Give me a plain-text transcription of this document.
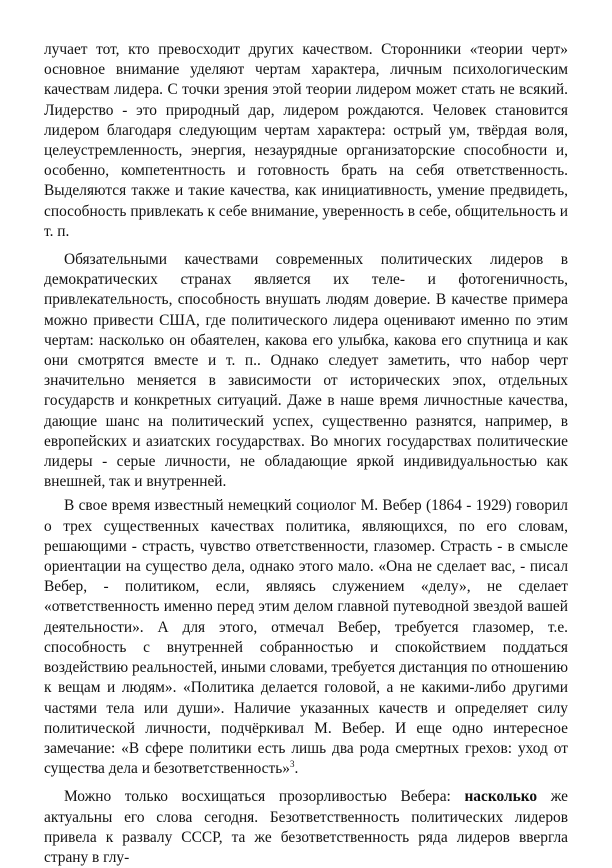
лучает тот, кто превосходит других качеством. Сторонники «теории черт» основное внимание уделяют чертам характера, личным психологическим качествам лидера. С точки зрения этой теории лидером может стать не всякий. Лидерство - это природный дар, лидером рождаются. Человек становится лидером благодаря следующим чертам характера: острый ум, твёрдая воля, целеустремленность, энергия, незаурядные организаторские способности и, особенно, компетентность и готовность брать на себя ответственность. Выделяются также и такие качества, как инициативность, умение предвидеть, способность привлекать к себе внимание, уверенность в себе, общительность и т. п.

Обязательными качествами современных политических лидеров в демократических странах является их теле- и фотогеничность, привлекательность, способность внушать людям доверие. В качестве примера можно привести США, где политического лидера оценивают именно по этим чертам: насколько он обаятелен, какова его улыбка, какова его спутница и как они смотрятся вместе и т. п.. Однако следует заметить, что набор черт значительно меняется в зависимости от исторических эпох, отдельных государств и конкретных ситуаций. Даже в наше время личностные качества, дающие шанс на политический успех, существенно разнятся, например, в европейских и азиатских государствах. Во многих государствах политические лидеры - серые личности, не обладающие яркой индивидуальностью как внешней, так и внутренней.

В свое время известный немецкий социолог М. Вебер (1864 - 1929) говорил о трех существенных качествах политика, являющихся, по его словам, решающими - страсть, чувство ответственности, глазомер. Страсть - в смысле ориентации на существо дела, однако этого мало. «Она не сделает вас, - писал Вебер, - политиком, если, являясь служением «делу», не сделает «ответственность именно перед этим делом главной путеводной звездой вашей деятельности». А для этого, отмечал Вебер, требуется глазомер, т.е. способность с внутренней собранностью и спокойствием поддаться воздействию реальностей, иными словами, требуется дистанция по отношению к вещам и людям». «Политика делается головой, а не какими-либо другими частями тела или души». Наличие указанных качеств и определяет силу политической личности, подчёркивал М. Вебер. И еще одно интересное замечание: «В сфере политики есть лишь два рода смертных грехов: уход от существа дела и безответственность»$^3$.

Можно только восхищаться прозорливостью Вебера: насколько же актуальны его слова сегодня. Безответственность политических лидеров привела к развалу СССР, та же безответственность ряда лидеров ввергла страну в глу-
